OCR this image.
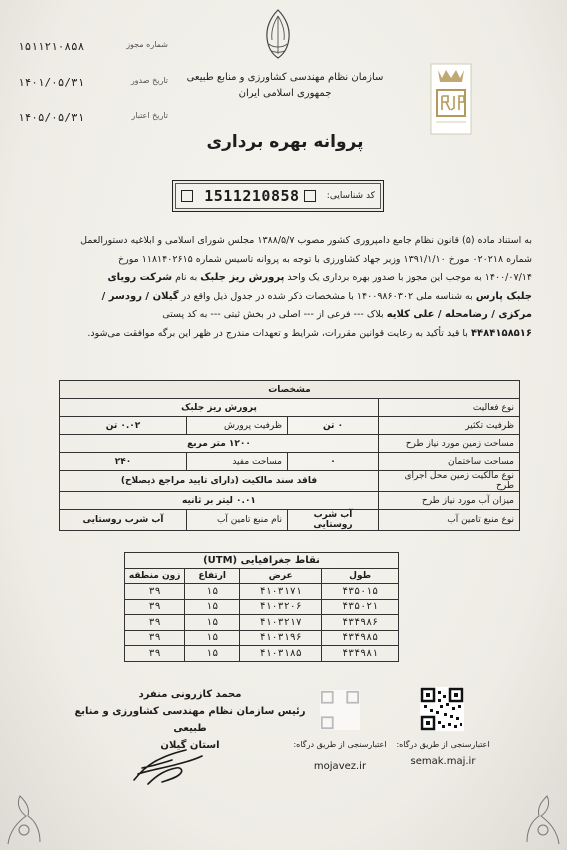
۱۵۱۱۲۱۰۸۵۸	شماره مجوز
۱۴۰۱/۰۵/۳۱	تاریخ صدور
۱۴۰۵/۰۵/۳۱	تاریخ اعتبار
سازمان نظام مهندسی کشاورزی و منابع طبیعی
جمهوری اسلامی ایران
پروانه بهره برداری
1511210858	کد شناسایی:
به استناد ماده (۵) قانون نظام جامع دامپروری کشور مصوب ۱۳۸۸/۵/۷ مجلس شورای اسلامی و ابلاغیه دستورالعمل
شماره ۰۲۰۲۱۸ مورخ ۱۳۹۱/۱/۱۰ وزیر جهاد کشاورزی با توجه به پروانه تاسیس شماره ۱۱۸۱۴۰۲۶۱۵ مورخ
۱۴۰۰/۰۷/۱۴ به موجب این مجوز با صدور بهره برداری یک واحد پرورش ریز جلبک به نام شرکت رویای
جلبک پارس به شناسه ملی ۱۴۰۰۹۸۶۰۳۰۲ با مشخصات ذکر شده در جدول ذیل واقع در گیلان / رودسر /
مرکزی / رضامحله / علی کلایه بلاک --- فرعی از --- اصلی در بخش ثبتی --- به کد پستی
۴۴۸۴۱۵۸۵۱۶ با قید تأکید به رعایت قوانین مقررات، شرایط و تعهدات مندرج در ظهر این برگه موافقت می‌شود.
مشخصات			
نوع فعالیت	پرورش ریز جلبک		
ظرفیت تکثیر	۰ تن	ظرفیت پرورش	۰.۰۲ تن
مساحت زمین مورد نیاز طرح	۱۲۰۰ متر مربع		
مساحت ساختمان	۰	مساحت مفید	۲۴۰
نوع مالکیت زمین محل اجرای طرح	فاقد سند مالکیت (دارای تایید مراجع ذیصلاح)		
میزان آب مورد نیاز طرح	۰.۰۱ لیتر بر ثانیه		
نوع منبع تامین آب	آب شرب روستایی	نام منبع تامین آب	آب شرب روستایی
نقاط جغرافیایی (UTM)			
طول	عرض	ارتفاع	زون منطقه
۴۳۵۰۱۵	۴۱۰۳۱۷۱	۱۵	۳۹
۴۳۵۰۲۱	۴۱۰۳۲۰۶	۱۵	۳۹
۴۳۴۹۸۶	۴۱۰۳۲۱۷	۱۵	۳۹
۴۳۴۹۸۵	۴۱۰۳۱۹۶	۱۵	۳۹
۴۳۴۹۸۱	۴۱۰۳۱۸۵	۱۵	۳۹
محمد کازرونی منفرد
رئیس سازمان نظام مهندسی کشاورزی و منابع طبیعی
استان گیلان	اعتبارسنجی از طریق درگاه:
semak.maj.ir
اعتبارسنجی از طریق درگاه:
mojavez.ir
